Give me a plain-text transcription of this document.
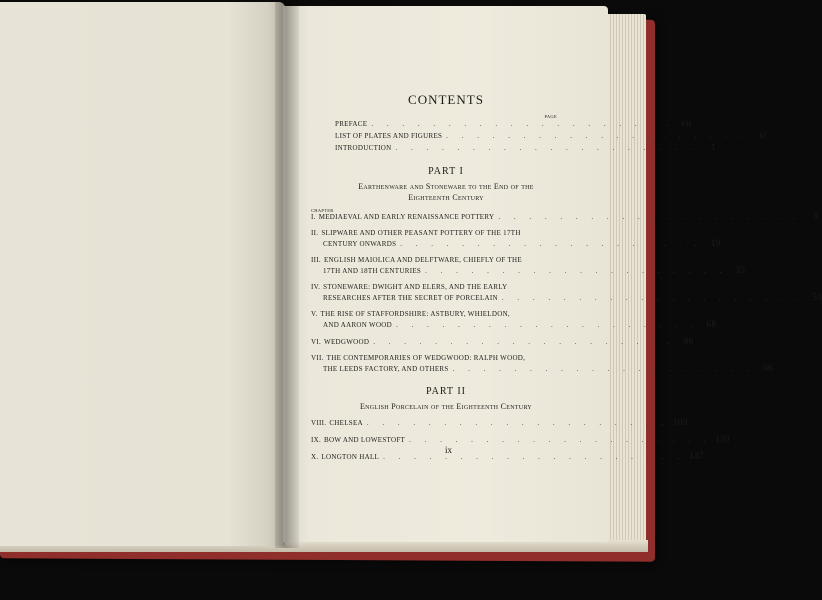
CONTENTS
PAGE
PREFACE . . . . . . . . . . . . . . . . . . . . vii
LIST OF PLATES AND FIGURES . . . . . . . . . . . . . . . . . . . .	xi
INTRODUCTION . . . . . . . . . . . . . . . . . . . .	1
PART I
Earthenware and Stoneware to the End of the
Eighteenth Century
CHAPTER
I. MEDIAEVAL AND EARLY RENAISSANCE POTTERY . . . . . . . . . . . . . . . . . . . .	9
II. SLIPWARE AND OTHER PEASANT POTTERY OF THE 17TH
CENTURY ONWARDS . . . . . . . . . . . . . . . . . . . . 19
III. ENGLISH MAIOLICA AND DELFTWARE, CHIEFLY OF THE
17TH AND 18TH CENTURIES . . . . . . . . . . . . . . . . . . . . 33
IV. STONEWARE: DWIGHT AND ELERS, AND THE EARLY
RESEARCHES AFTER THE SECRET OF PORCELAIN . . . . . . . . . . . . . . . . . . . . 53
V. THE RISE OF STAFFORDSHIRE: ASTBURY, WHIELDON,
AND AARON WOOD . . . . . . . . . . . . . . . . . . . . 68
VI. WEDGWOOD . . . . . . . . . . . . . . . . . . . . 86
VII. THE CONTEMPORARIES OF WEDGWOOD: RALPH WOOD,
THE LEEDS FACTORY, AND OTHERS . . . . . . . . . . . . . . . . . . . . 96
PART II
English Porcelain of the Eighteenth Century
VIII. CHELSEA . . . . . . . . . . . . . . . . . . . . 109
IX. BOW AND LOWESTOFT . . . . . . . . . . . . . . . . . . . . 130
X. LONGTON HALL . . . . . . . . . . . . . . . . . . . . 147
ix
